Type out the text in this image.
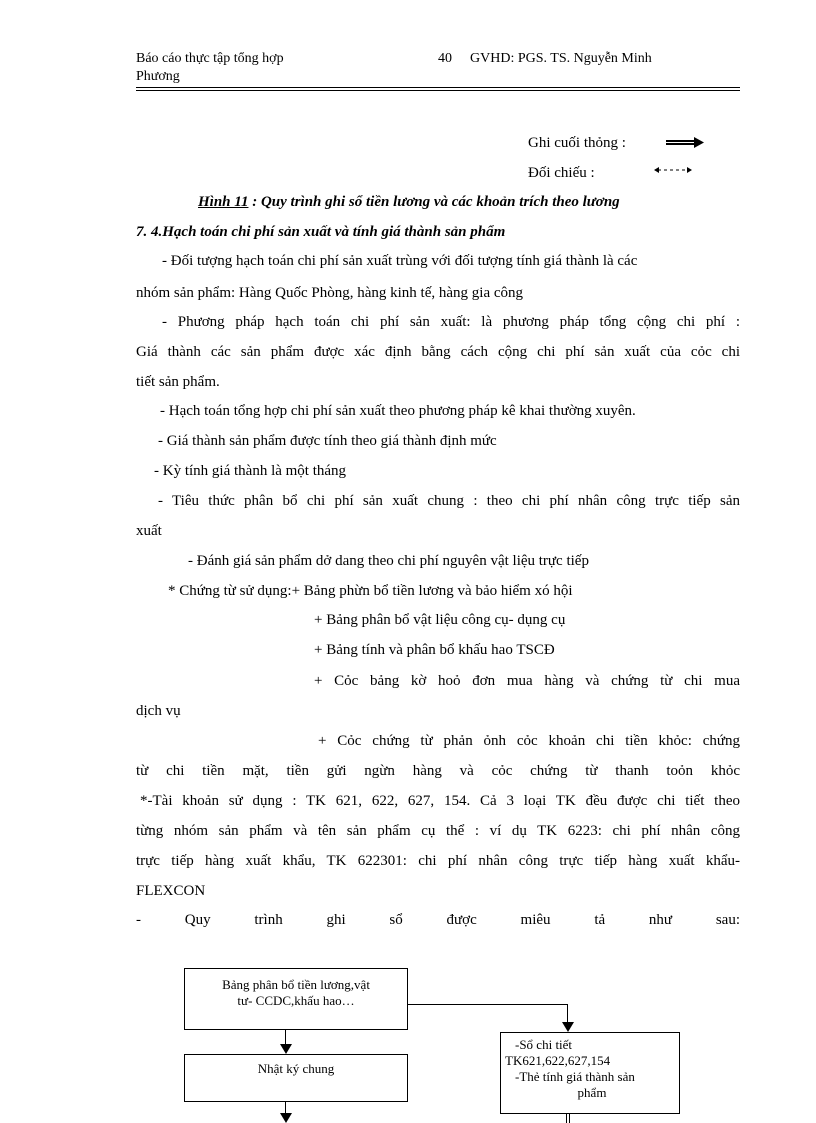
Báo cáo thực tập tổng hợp
Phương
40 GVHD: PGS. TS. Nguyễn Minh
Ghi cuối thỏng :
Đối chiếu :
Hình 11 : Quy trình ghi sổ tiền lương và các khoản trích theo lương
7. 4.Hạch toán chi phí sản xuất và tính giá thành sản phẩm
- Đối tượng hạch toán chi phí sản xuất trùng với đối tượng tính giá thành là các
nhóm sản phẩm: Hàng Quốc Phòng, hàng kinh tế, hàng gia công
- Phương pháp hạch toán chi phí sản xuất: là phương pháp tổng cộng chi phí :
Giá thành các sản phẩm được xác định bằng cách cộng chi phí sản xuất của cỏc chi
tiết sản phẩm.
- Hạch toán tổng hợp chi phí sản xuất theo phương pháp kê khai thường xuyên.
- Giá thành sản phẩm được tính theo giá thành định mức
- Kỳ tính giá thành là một tháng
- Tiêu thức phân bổ chi phí sản xuất chung : theo chi phí nhân công trực tiếp sản
xuất
- Đánh giá sản phẩm dở dang theo chi phí nguyên vật liệu trực tiếp
* Chứng từ sử dụng:+ Bảng phừn bổ tiền lương và bảo hiểm xó hội
+ Bảng phân bổ vật liệu công cụ- dụng cụ
+ Bảng tính và phân bổ khấu hao TSCĐ
+ Cỏc bảng kờ hoỏ đơn mua hàng và chứng từ chi mua
dịch vụ
+ Cỏc chứng từ phản ỏnh cỏc khoản chi tiền khỏc: chứng
từ chi tiền mặt, tiền gửi ngừn hàng và cỏc chứng từ thanh toỏn khỏc
*-Tài khoản sử dụng : TK 621, 622, 627, 154. Cả 3 loại TK đều được chi tiết theo
từng nhóm sản phẩm và tên sản phẩm cụ thể : ví dụ TK 6223: chi phí nhân công
trực tiếp hàng xuất khẩu, TK 622301: chi phí nhân công trực tiếp hàng xuất khẩu-
FLEXCON
- Quy trình ghi sổ được miêu tả như sau:
Bảng phân bổ tiền lương,vật
tư- CCDC,khấu hao…
Nhật ký chung
-Sổ chi tiết
TK621,622,627,154
-Thẻ tính giá thành sản
phẩm
